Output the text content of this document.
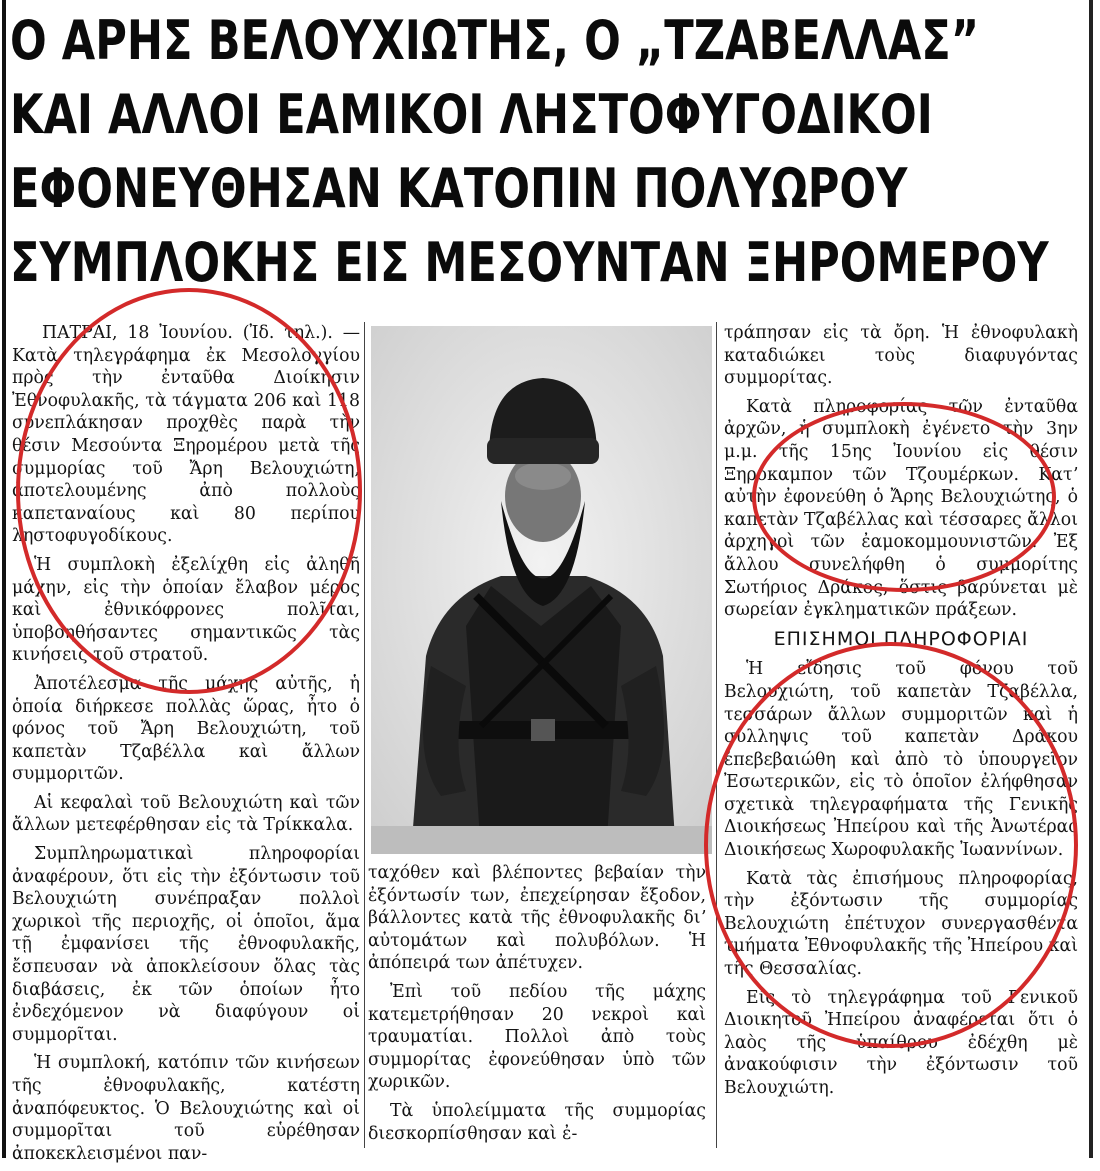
Ο ΑΡΗΣ ΒΕΛΟΥΧΙΩΤΗΣ, Ο „ΤΖΑΒΕΛΛΑΣ”
ΚΑΙ ΑΛΛΟΙ ΕΑΜΙΚΟΙ ΛΗΣΤΟΦΥΓΟΔΙΚΟΙ
ΕΦΟΝΕΥΘΗΣΑΝ ΚΑΤΟΠΙΝ ΠΟΛΥΩΡΟΥ
ΣΥΜΠΛΟΚΗΣ ΕΙΣ ΜΕΣΟΥΝΤΑΝ ΞΗΡΟΜΕΡΟΥ

ΠΑΤΡΑΙ, 18 Ἰουνίου. (Ἰδ. τηλ.). — Κατὰ τηλεγράφημα ἐκ Μεσολογγίου πρὸς τὴν ἐνταῦθα Διοίκησιν Ἐθνοφυλακῆς, τὰ τάγματα 206 καὶ 118 συνεπλάκησαν προχθὲς παρὰ τὴν θέσιν Μεσούντα Ξηρομέρου μετὰ τῆς συμμορίας τοῦ Ἄρη Βελουχιώτη, ἀποτελουμένης ἀπὸ πολλοὺς καπεταναίους καὶ 80 περίπου ληστοφυγοδίκους.

Ἡ συμπλοκὴ ἐξελίχθη εἰς ἀληθῆ μάχην, εἰς τὴν ὁποίαν ἔλαβον μέρος καὶ ἐθνικόφρονες πολῖται, ὑποβοηθήσαντες σημαντικῶς τὰς κινήσεις τοῦ στρατοῦ.

Ἀποτέλεσμα τῆς μάχης αὐτῆς, ἡ ὁποία διήρκεσε πολλὰς ὥρας, ἦτο ὁ φόνος τοῦ Ἄρη Βελουχιώτη, τοῦ καπετὰν Τζαβέλλα καὶ ἄλλων συμμοριτῶν.

Αἱ κεφαλαὶ τοῦ Βελουχιώτη καὶ τῶν ἄλλων μετεφέρθησαν εἰς τὰ Τρίκκαλα.

Συμπληρωματικαὶ πληροφορίαι ἀναφέρουν, ὅτι εἰς τὴν ἐξόντωσιν τοῦ Βελουχιώτη συνέπραξαν πολλοὶ χωρικοὶ τῆς περιοχῆς, οἱ ὁποῖοι, ἅμα τῇ ἐμφανίσει τῆς ἐθνοφυλακῆς, ἔσπευσαν νὰ ἀποκλείσουν ὅλας τὰς διαβάσεις, ἐκ τῶν ὁποίων ἦτο ἐνδεχόμενον νὰ διαφύγουν οἱ συμμορῖται.

Ἡ συμπλοκή, κατόπιν τῶν κινήσεων τῆς ἐθνοφυλακῆς, κατέστη ἀναπόφευκτος. Ὁ Βελουχιώτης καὶ οἱ συμμορῖται τοῦ εὑρέθησαν ἀποκεκλεισμένοι παν-

ταχόθεν καὶ βλέποντες βεβαίαν τὴν ἐξόντωσίν των, ἐπεχείρησαν ἔξοδον, βάλλοντες κατὰ τῆς ἐθνοφυλακῆς διʼ αὐτομάτων καὶ πολυβόλων. Ἡ ἀπόπειρά των ἀπέτυχεν.

Ἐπὶ τοῦ πεδίου τῆς μάχης κατεμετρήθησαν 20 νεκροὶ καὶ τραυματίαι. Πολλοὶ ἀπὸ τοὺς συμμορίτας ἐφονεύθησαν ὑπὸ τῶν χωρικῶν.

Τὰ ὑπολείμματα τῆς συμμορίας διεσκορπίσθησαν καὶ ἐ-

τράπησαν εἰς τὰ ὄρη. Ἡ ἐθνοφυλακὴ καταδιώκει τοὺς διαφυγόντας συμμορίτας.

Κατὰ πληροφορίας τῶν ἐνταῦθα ἀρχῶν, ἡ συμπλοκὴ ἐγένετο τὴν 3ην μ.μ. τῆς 15ης Ἰουνίου εἰς θέσιν Ξηρόκαμπον τῶν Τζουμέρκων. Κατʼ αὐτὴν ἐφονεύθη ὁ Ἄρης Βελουχιώτης, ὁ καπετὰν Τζαβέλλας καὶ τέσσαρες ἄλλοι ἀρχηγοὶ τῶν ἐαμοκομμουνιστῶν. Ἐξ ἄλλου συνελήφθη ὁ συμμορίτης Σωτήριος Δράκος, ὅστις βαρύνεται μὲ σωρείαν ἐγκληματικῶν πράξεων.

ΕΠΙΣΗΜΟΙ ΠΛΗΡΟΦΟΡΙΑΙ

Ἡ εἴδησις τοῦ φόνου τοῦ Βελουχιώτη, τοῦ καπετὰν Τζαβέλλα, τεσσάρων ἄλλων συμμοριτῶν καὶ ἡ σύλληψις τοῦ καπετὰν Δράκου ἐπεβεβαιώθη καὶ ἀπὸ τὸ ὑπουργεῖον Ἐσωτερικῶν, εἰς τὸ ὁποῖον ἐλήφθησαν σχετικὰ τηλεγραφήματα τῆς Γενικῆς Διοικήσεως Ἠπείρου καὶ τῆς Ἀνωτέρας Διοικήσεως Χωροφυλακῆς Ἰωαννίνων.

Κατὰ τὰς ἐπισήμους πληροφορίας, τὴν ἐξόντωσιν τῆς συμμορίας Βελουχιώτη ἐπέτυχον συνεργασθέντα τμήματα Ἐθνοφυλακῆς τῆς Ἠπείρου καὶ τῆς Θεσσαλίας.

Εἰς τὸ τηλεγράφημα τοῦ Γενικοῦ Διοικητοῦ Ἠπείρου ἀναφέρεται ὅτι ὁ λαὸς τῆς ὑπαίθρου ἐδέχθη μὲ ἀνακούφισιν τὴν ἐξόντωσιν τοῦ Βελουχιώτη.
